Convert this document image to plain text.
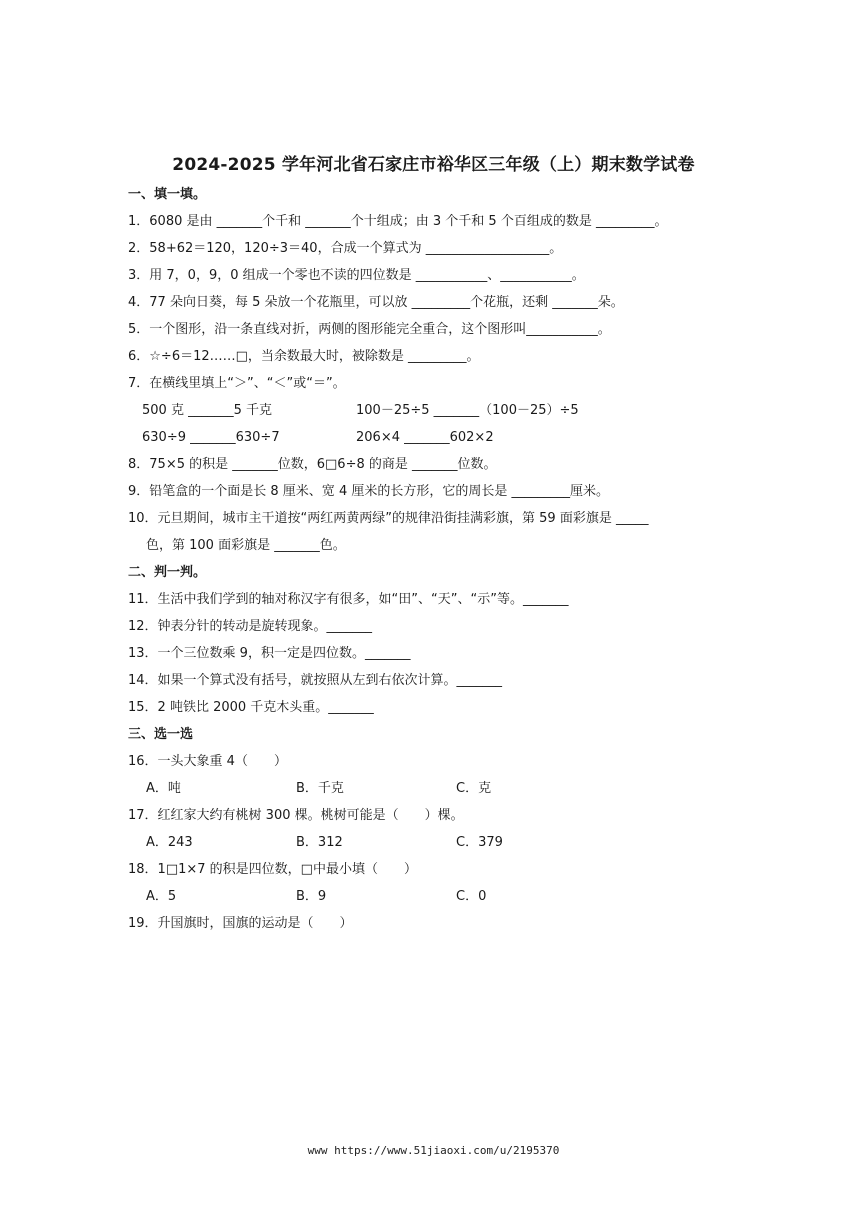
2024-2025 学年河北省石家庄市裕华区三年级（上）期末数学试卷
一、填一填。
1．6080 是由 _______个千和 _______个十组成；由 3 个千和 5 个百组成的数是 _________。
2．58+62＝120，120÷3＝40，合成一个算式为 ___________________。
3．用 7，0，9，0 组成一个零也不读的四位数是 ___________、___________。
4．77 朵向日葵，每 5 朵放一个花瓶里，可以放 _________个花瓶，还剩 _______朵。
5．一个图形，沿一条直线对折，两侧的图形能完全重合，这个图形叫___________。
6．☆÷6＝12……□，当余数最大时，被除数是 _________。
7．在横线里填上“＞”、“＜”或“＝”。
500 克 _______5 千克	100－25÷5 _______（100－25）÷5
630÷9 _______630÷7	206×4 _______602×2
8．75×5 的积是 _______位数，6□6÷8 的商是 _______位数。
9．铅笔盒的一个面是长 8 厘米、宽 4 厘米的长方形，它的周长是 _________厘米。
10．元旦期间，城市主干道按“两红两黄两绿”的规律沿街挂满彩旗，第 59 面彩旗是 _____
色，第 100 面彩旗是 _______色。
二、判一判。
11．生活中我们学到的轴对称汉字有很多，如“田”、“天”、“示”等。_______
12．钟表分针的转动是旋转现象。_______
13．一个三位数乘 9，积一定是四位数。_______
14．如果一个算式没有括号，就按照从左到右依次计算。_______
15．2 吨铁比 2000 千克木头重。_______
三、选一选
16．一头大象重 4（　　）
A．吨	B．千克	C．克
17．红红家大约有桃树 300 棵。桃树可能是（　　）棵。
A．243	B．312	C．379
18．1□1×7 的积是四位数，□中最小填（　　）
A．5	B．9	C．0
19．升国旗时，国旗的运动是（　　）
www https://www.51jiaoxi.com/u/2195370
